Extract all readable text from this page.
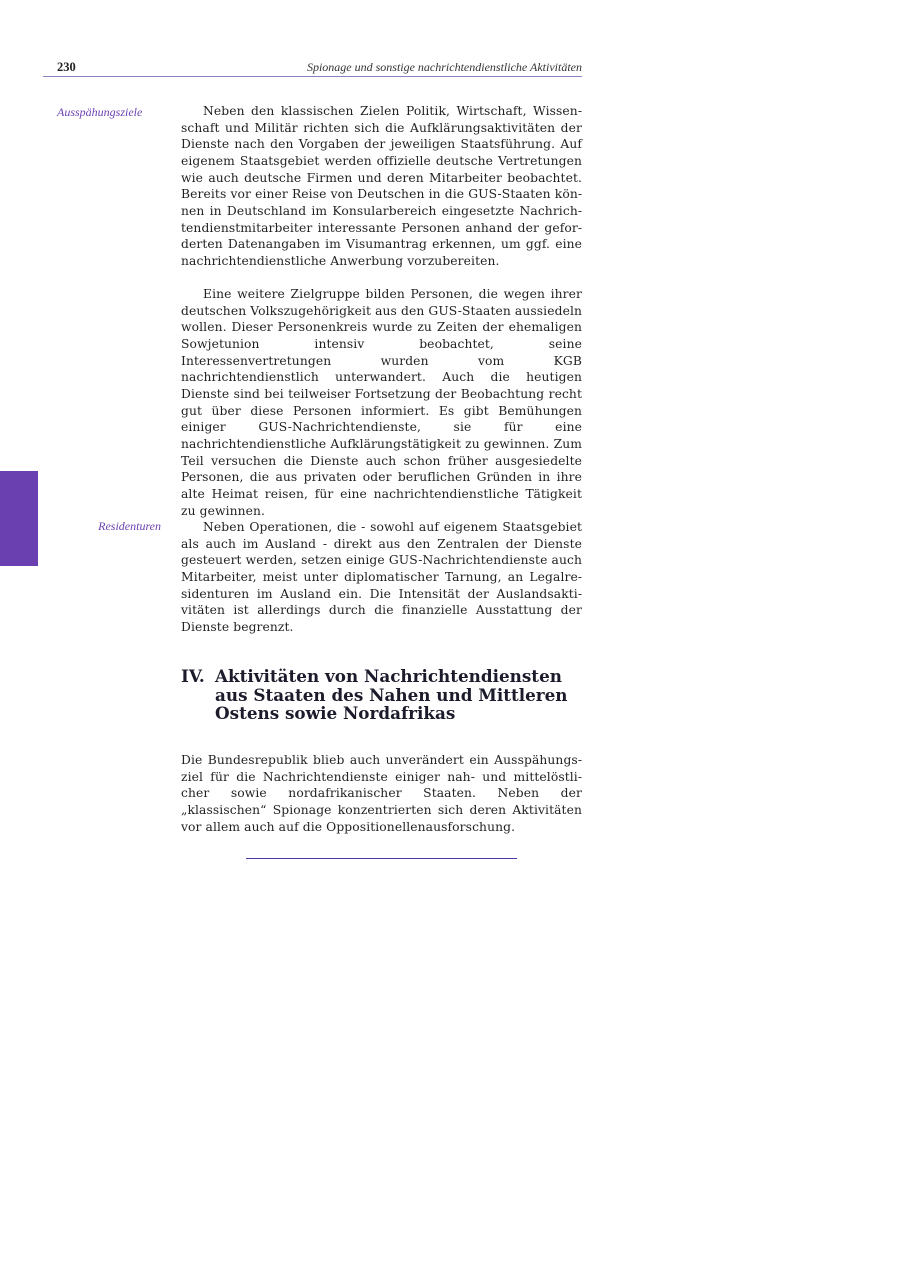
230	Spionage und sonstige nachrichtendienstliche Aktivitäten
Ausspähungsziele	Neben den klassischen Zielen Politik, Wirtschaft, Wissenschaft und Militär richten sich die Aufklärungsaktivitäten der Dienste nach den Vorgaben der jeweiligen Staatsführung. Auf eigenem Staatsgebiet werden offizielle deutsche Vertretungen wie auch deutsche Firmen und deren Mitarbeiter beobachtet. Bereits vor einer Reise von Deutschen in die GUS-Staaten können in Deutschland im Konsularbereich eingesetzte Nachrichtendienstmitarbeiter interessante Personen anhand der geforderten Datenangaben im Visumantrag erkennen, um ggf. eine nachrichtendienstliche Anwerbung vorzubereiten.

Eine weitere Zielgruppe bilden Personen, die wegen ihrer deutschen Volkszugehörigkeit aus den GUS-Staaten aussiedeln wollen. Dieser Personenkreis wurde zu Zeiten der ehemaligen Sowjetunion intensiv beobachtet, seine Interessenvertretungen wurden vom KGB nachrichtendienstlich unterwandert. Auch die heutigen Dienste sind bei teilweiser Fortsetzung der Beobachtung recht gut über diese Personen informiert. Es gibt Bemühungen einiger GUS-Nachrichtendienste, sie für eine nachrichtendienstliche Aufklärungstätigkeit zu gewinnen. Zum Teil versuchen die Dienste auch schon früher ausgesiedelte Personen, die aus privaten oder beruflichen Gründen in ihre alte Heimat reisen, für eine nachrichtendienstliche Tätigkeit zu gewinnen.

Residenturen	Neben Operationen, die - sowohl auf eigenem Staatsgebiet als auch im Ausland - direkt aus den Zentralen der Dienste gesteuert werden, setzen einige GUS-Nachrichtendienste auch Mitarbeiter, meist unter diplomatischer Tarnung, an Legalresidenturen im Ausland ein. Die Intensität der Auslandsaktivitäten ist allerdings durch die finanzielle Ausstattung der Dienste begrenzt.

IV. Aktivitäten von Nachrichtendiensten aus Staaten des Nahen und Mittleren Ostens sowie Nordafrikas

Die Bundesrepublik blieb auch unverändert ein Ausspähungsziel für die Nachrichtendienste einiger nah- und mittelöstlicher sowie nordafrikanischer Staaten. Neben der „klassischen“ Spionage konzentrierten sich deren Aktivitäten vor allem auch auf die Oppositionellenausforschung.
